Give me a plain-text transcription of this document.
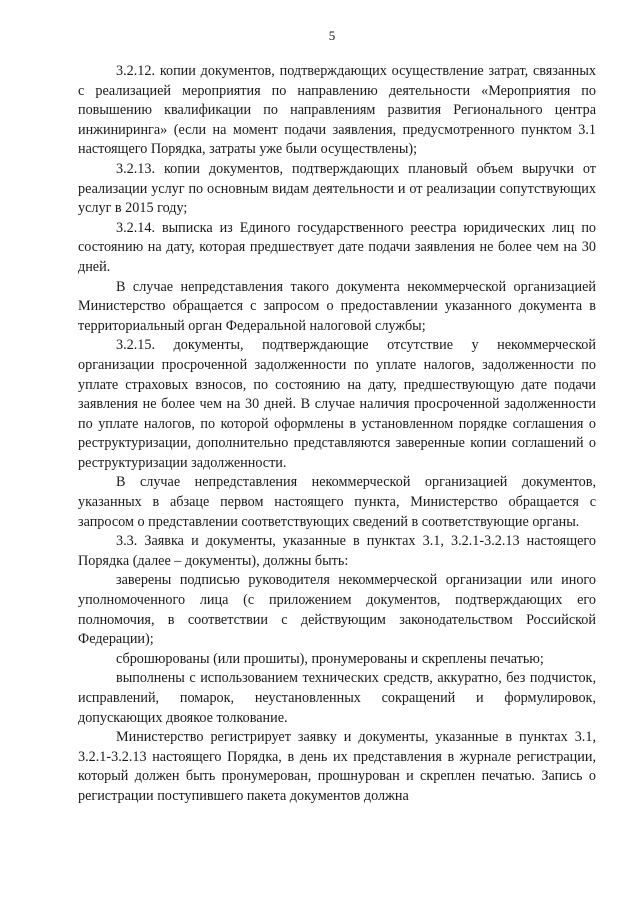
5

3.2.12. копии документов, подтверждающих осуществление затрат, связанных с реализацией мероприятия по направлению деятельности «Мероприятия по повышению квалификации по направлениям развития Регионального центра инжиниринга» (если на момент подачи заявления, предусмотренного пунктом 3.1 настоящего Порядка, затраты уже были осуществлены);

3.2.13. копии документов, подтверждающих плановый объем выручки от реализации услуг по основным видам деятельности и от реализации сопутствующих услуг в 2015 году;

3.2.14. выписка из Единого государственного реестра юридических лиц по состоянию на дату, которая предшествует дате подачи заявления не более чем на 30 дней.

В случае непредставления такого документа некоммерческой организацией Министерство обращается с запросом о предоставлении указанного документа в территориальный орган Федеральной налоговой службы;

3.2.15. документы, подтверждающие отсутствие у некоммерческой организации просроченной задолженности по уплате налогов, задолженности по уплате страховых взносов, по состоянию на дату, предшествующую дате подачи заявления не более чем на 30 дней. В случае наличия просроченной задолженности по уплате налогов, по которой оформлены в установленном порядке соглашения о реструктуризации, дополнительно представляются заверенные копии соглашений о реструктуризации задолженности.

В случае непредставления некоммерческой организацией документов, указанных в абзаце первом настоящего пункта, Министерство обращается с запросом о представлении соответствующих сведений в соответствующие органы.

3.3. Заявка и документы, указанные в пунктах 3.1, 3.2.1-3.2.13 настоящего Порядка (далее – документы), должны быть:

заверены подписью руководителя некоммерческой организации или иного уполномоченного лица (с приложением документов, подтверждающих его полномочия, в соответствии с действующим законодательством Российской Федерации);

сброшюрованы (или прошиты), пронумерованы и скреплены печатью;

выполнены с использованием технических средств, аккуратно, без подчисток, исправлений, помарок, неустановленных сокращений и формулировок, допускающих двоякое толкование.

Министерство регистрирует заявку и документы, указанные в пунктах 3.1, 3.2.1-3.2.13 настоящего Порядка, в день их представления в журнале регистрации, который должен быть пронумерован, прошнурован и скреплен печатью. Запись о регистрации поступившего пакета документов должна
